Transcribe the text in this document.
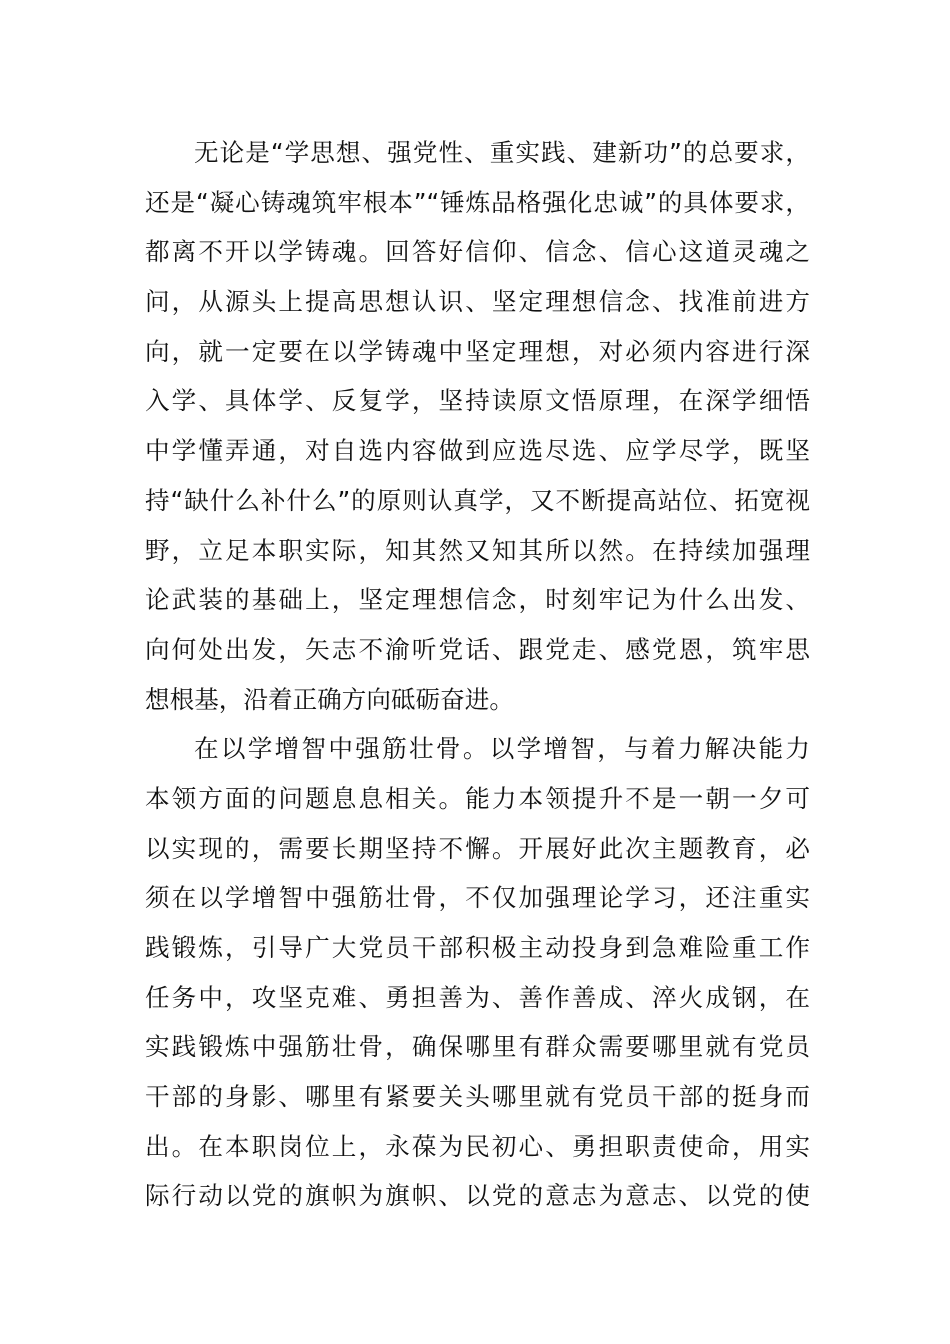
无论是“学思想、强党性、重实践、建新功”的总要求，
还是“凝心铸魂筑牢根本”“锤炼品格强化忠诚”的具体要求，
都离不开以学铸魂。回答好信仰、信念、信心这道灵魂之
问，从源头上提高思想认识、坚定理想信念、找准前进方
向，就一定要在以学铸魂中坚定理想，对必须内容进行深
入学、具体学、反复学，坚持读原文悟原理，在深学细悟
中学懂弄通，对自选内容做到应选尽选、应学尽学，既坚
持“缺什么补什么”的原则认真学，又不断提高站位、拓宽视
野，立足本职实际，知其然又知其所以然。在持续加强理
论武装的基础上，坚定理想信念，时刻牢记为什么出发、
向何处出发，矢志不渝听党话、跟党走、感党恩，筑牢思
想根基，沿着正确方向砥砺奋进。
在以学增智中强筋壮骨。以学增智，与着力解决能力
本领方面的问题息息相关。能力本领提升不是一朝一夕可
以实现的，需要长期坚持不懈。开展好此次主题教育，必
须在以学增智中强筋壮骨，不仅加强理论学习，还注重实
践锻炼，引导广大党员干部积极主动投身到急难险重工作
任务中，攻坚克难、勇担善为、善作善成、淬火成钢，在
实践锻炼中强筋壮骨，确保哪里有群众需要哪里就有党员
干部的身影、哪里有紧要关头哪里就有党员干部的挺身而
出。在本职岗位上，永葆为民初心、勇担职责使命，用实
际行动以党的旗帜为旗帜、以党的意志为意志、以党的使
